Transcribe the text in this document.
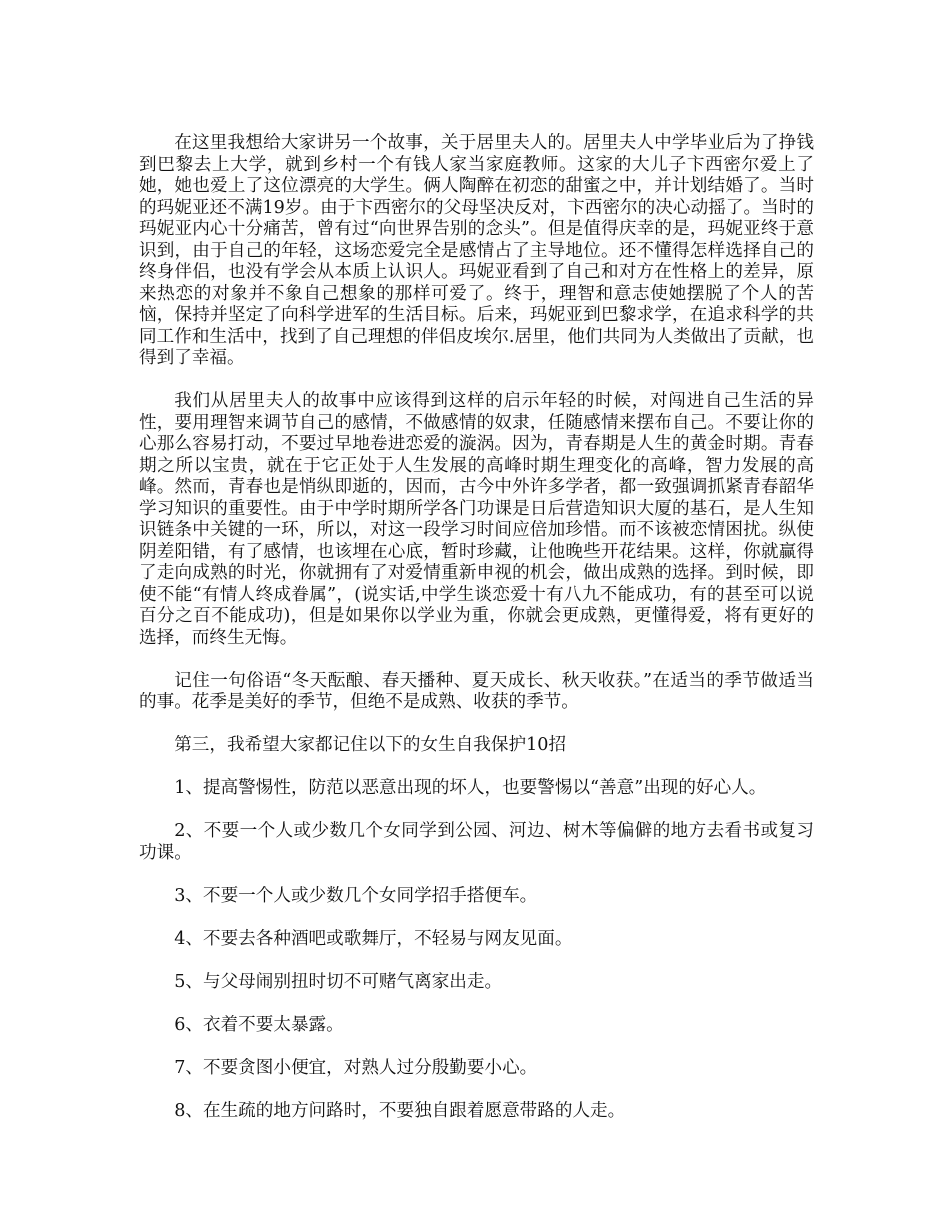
在这里我想给大家讲另一个故事，关于居里夫人的。居里夫人中学毕业后为了挣钱到巴黎去上大学，就到乡村一个有钱人家当家庭教师。这家的大儿子卞西密尔爱上了她，她也爱上了这位漂亮的大学生。俩人陶醉在初恋的甜蜜之中，并计划结婚了。当时的玛妮亚还不满19岁。由于卞西密尔的父母坚决反对，卞西密尔的决心动摇了。当时的玛妮亚内心十分痛苦，曾有过“向世界告别的念头”。但是值得庆幸的是，玛妮亚终于意识到，由于自己的年轻，这场恋爱完全是感情占了主导地位。还不懂得怎样选择自己的终身伴侣，也没有学会从本质上认识人。玛妮亚看到了自己和对方在性格上的差异，原来热恋的对象并不象自己想象的那样可爱了。终于，理智和意志使她摆脱了个人的苦恼，保持并坚定了向科学进军的生活目标。后来，玛妮亚到巴黎求学，在追求科学的共同工作和生活中，找到了自己理想的伴侣皮埃尔.居里，他们共同为人类做出了贡献，也得到了幸福。

我们从居里夫人的故事中应该得到这样的启示年轻的时候，对闯进自己生活的异性，要用理智来调节自己的感情，不做感情的奴隶，任随感情来摆布自己。不要让你的心那么容易打动，不要过早地卷进恋爱的漩涡。因为，青春期是人生的黄金时期。青春期之所以宝贵，就在于它正处于人生发展的高峰时期生理变化的高峰，智力发展的高峰。然而，青春也是悄纵即逝的，因而，古今中外许多学者，都一致强调抓紧青春韶华学习知识的重要性。由于中学时期所学各门功课是日后营造知识大厦的基石，是人生知识链条中关键的一环，所以，对这一段学习时间应倍加珍惜。而不该被恋情困扰。纵使阴差阳错，有了感情，也该埋在心底，暂时珍藏，让他晚些开花结果。这样，你就赢得了走向成熟的时光，你就拥有了对爱情重新申视的机会，做出成熟的选择。到时候，即使不能“有情人终成眷属”，(说实话,中学生谈恋爱十有八九不能成功，有的甚至可以说百分之百不能成功)，但是如果你以学业为重，你就会更成熟，更懂得爱，将有更好的选择，而终生无悔。

记住一句俗语“冬天酝酿、春天播种、夏天成长、秋天收获。”在适当的季节做适当的事。花季是美好的季节，但绝不是成熟、收获的季节。

第三，我希望大家都记住以下的女生自我保护10招

1、提高警惕性，防范以恶意出现的坏人，也要警惕以“善意”出现的好心人。

2、不要一个人或少数几个女同学到公园、河边、树木等偏僻的地方去看书或复习功课。

3、不要一个人或少数几个女同学招手搭便车。

4、不要去各种酒吧或歌舞厅，不轻易与网友见面。

5、与父母闹别扭时切不可赌气离家出走。

6、衣着不要太暴露。

7、不要贪图小便宜，对熟人过分殷勤要小心。

8、在生疏的地方问路时，不要独自跟着愿意带路的人走。
